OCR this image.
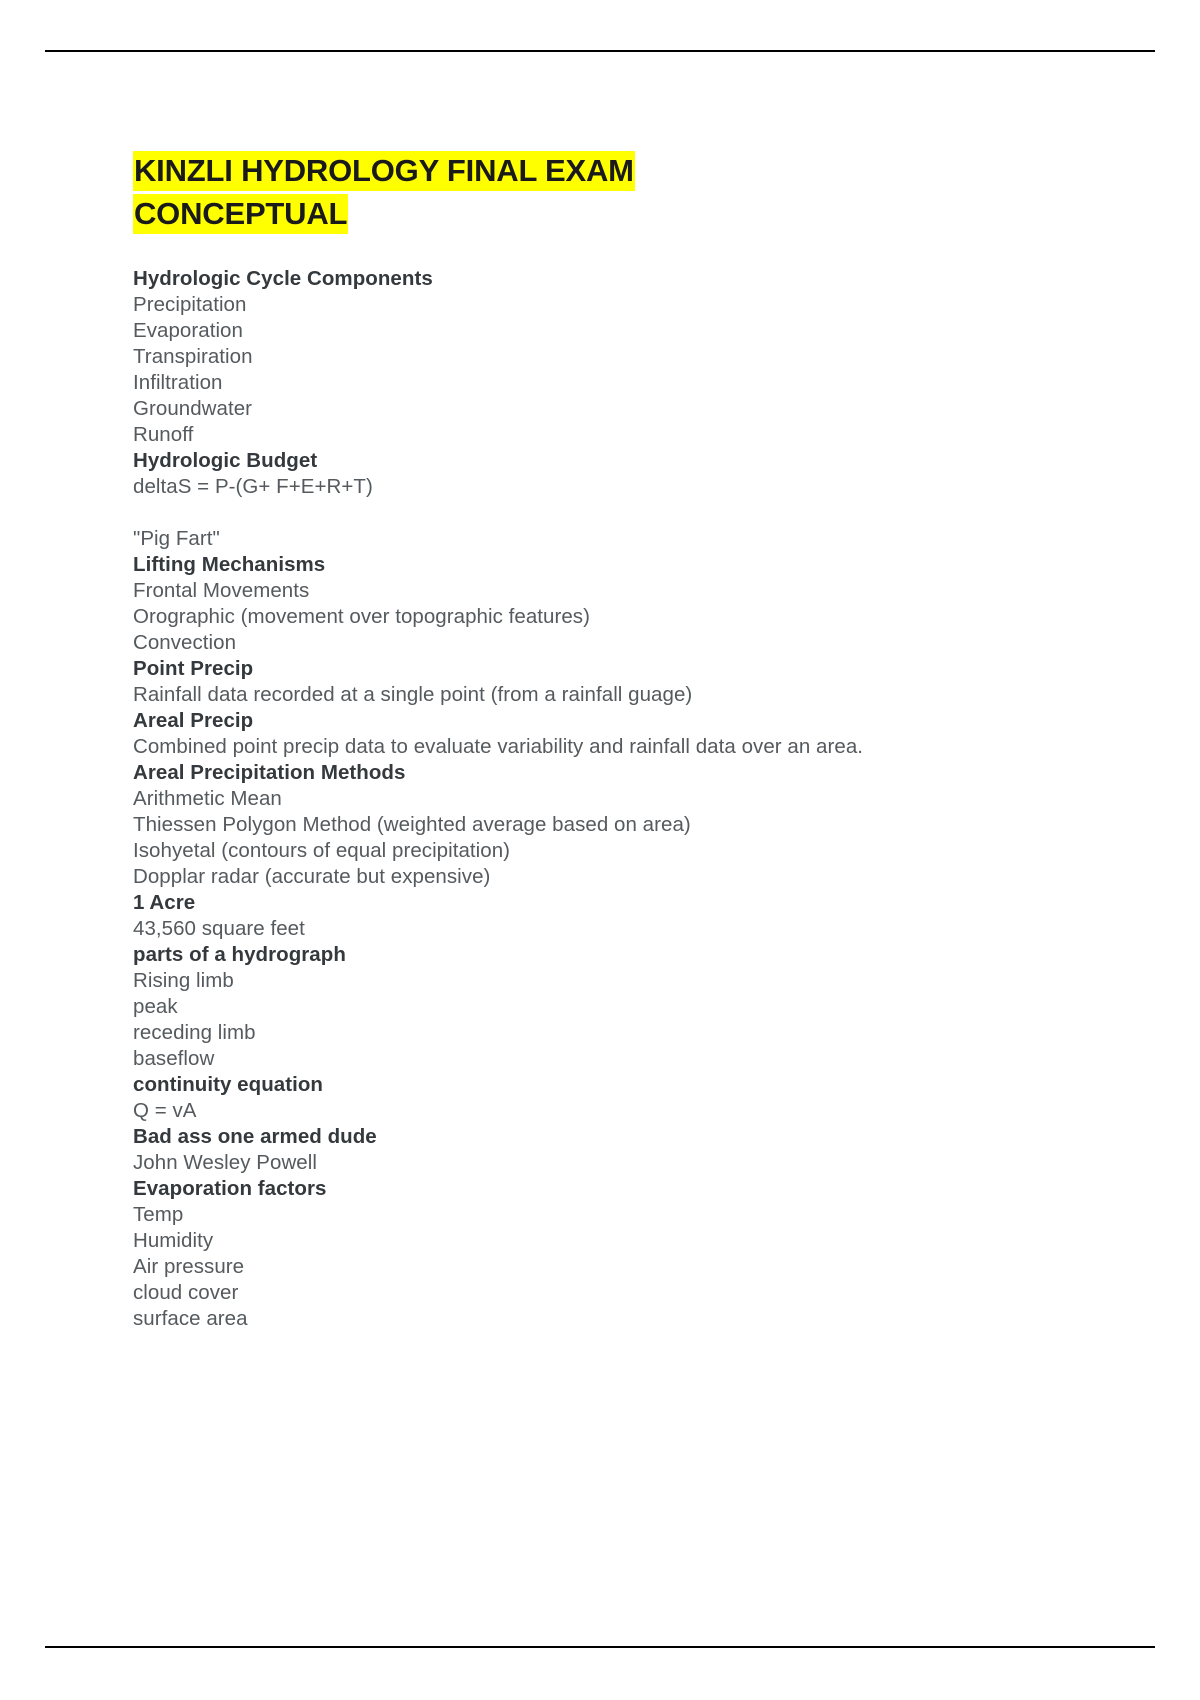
KINZLI HYDROLOGY FINAL EXAM CONCEPTUAL
Hydrologic Cycle Components
Precipitation
Evaporation
Transpiration
Infiltration
Groundwater
Runoff
Hydrologic Budget
deltaS = P-(G+ F+E+R+T)
"Pig Fart"
Lifting Mechanisms
Frontal Movements
Orographic (movement over topographic features)
Convection
Point Precip
Rainfall data recorded at a single point (from a rainfall guage)
Areal Precip
Combined point precip data to evaluate variability and rainfall data over an area.
Areal Precipitation Methods
Arithmetic Mean
Thiessen Polygon Method (weighted average based on area)
Isohyetal (contours of equal precipitation)
Dopplar radar (accurate but expensive)
1 Acre
43,560 square feet
parts of a hydrograph
Rising limb
peak
receding limb
baseflow
continuity equation
Q = vA
Bad ass one armed dude
John Wesley Powell
Evaporation factors
Temp
Humidity
Air pressure
cloud cover
surface area
